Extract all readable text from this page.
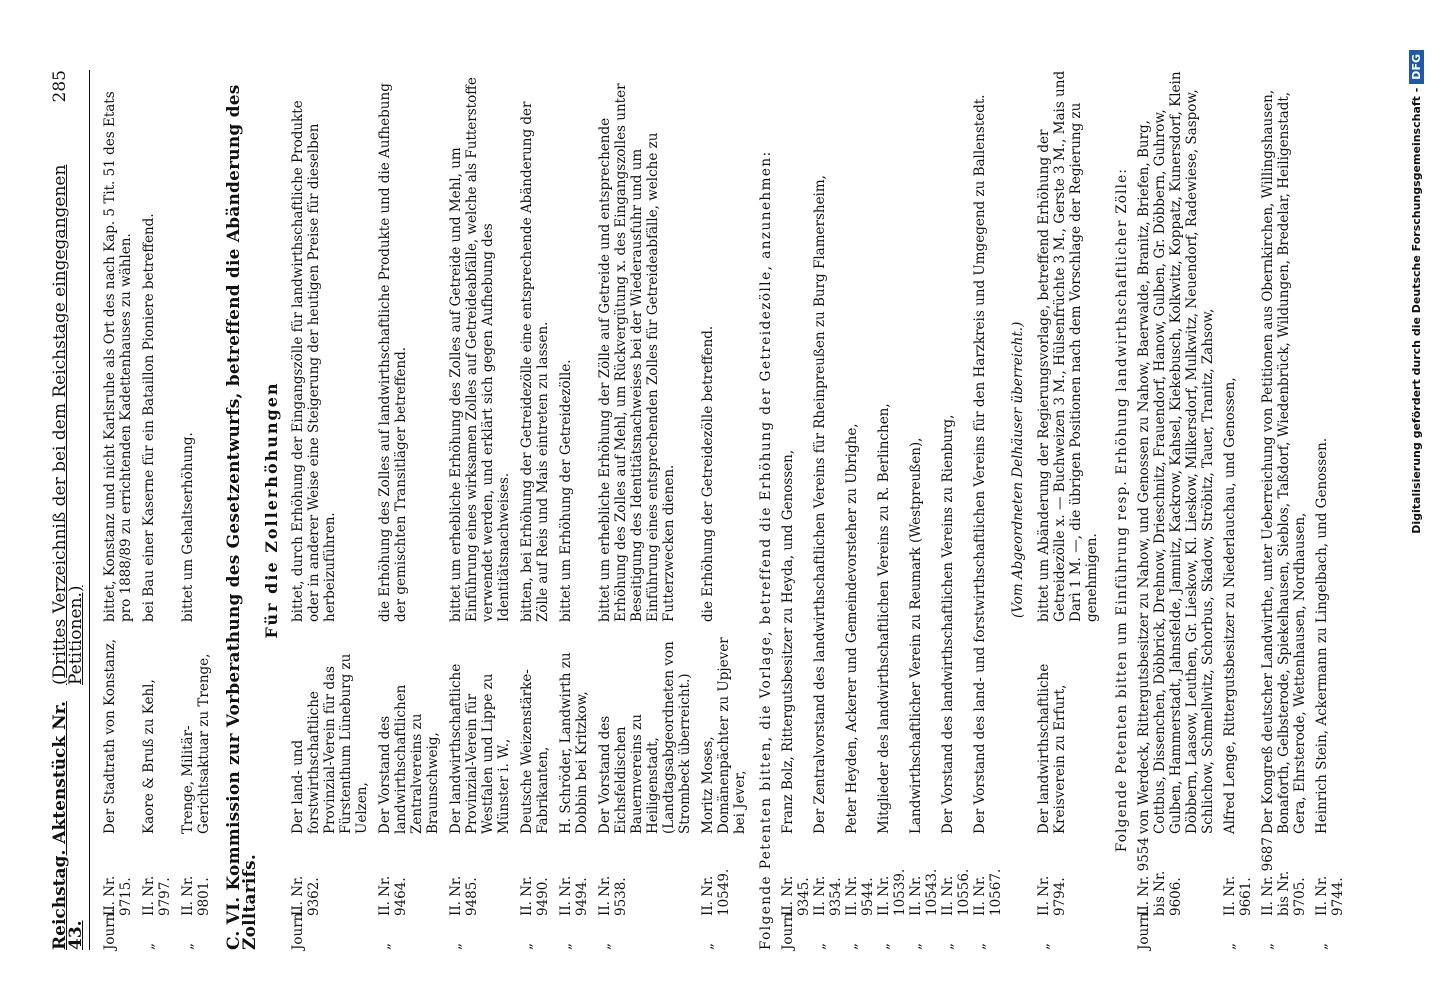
Reichstag. Aktenstück Nr. 43.
(Drittes Verzeichniß der bei dem Reichstage eingegangenen Petitionen.)
285
Journ.
II. Nr. 9715.
Der Stadtrath von Konstanz,
bittet, Konstanz und nicht Karlsruhe als Ort des nach Kap. 5 Tit. 51 des Etats pro 1888/89 zu errichtenden Kadettenhauses zu wählen.
„
II. Nr. 9797.
Kaore & Bruß zu Kehl,
bei Bau einer Kaserne für ein Bataillon Pioniere betreffend.
„
II. Nr. 9801.
Trenge, Militär-Gerichtsaktuar zu Trenge,
bittet um Gehaltserhöhung. C. VI. Kommission zur Vorberathung des Gesetzentwurfs, betreffend die Abänderung des Zolltarifs.
Für die Zollerhöhungen
Journ.
II. Nr. 9362.
Der land- und forstwirthschaftliche Provinzial-Verein für das Fürstenthum Lüneburg zu Uelzen,
bittet, durch Erhöhung der Eingangszölle für landwirthschaftliche Produkte oder in anderer Weise eine Steigerung der heutigen Preise für dieselben herbeizuführen.
„
II. Nr. 9464.
Der Vorstand des landwirthschaftlichen Zentralvereins zu Braunschweig,
die Erhöhung des Zolles auf landwirthschaftliche Produkte und die Aufhebung der gemischten Transitläger betreffend.
„
II. Nr. 9485.
Der landwirthschaftliche Provinzial-Verein für Westfalen und Lippe zu Münster i. W.,
bittet um erhebliche Erhöhung des Zolles auf Getreide und Mehl, um Einführung eines wirksamen Zolles auf Getreideabfälle, welche als Futterstoffe verwendet werden, und erklärt sich gegen Aufhebung des Identitätsnachweises.
„
II. Nr. 9490.
Deutsche Weizenstärke-Fabrikanten,
bitten, bei Erhöhung der Getreidezölle eine entsprechende Abänderung der Zölle auf Reis und Mais eintreten zu lassen.
„
II. Nr. 9494.
H. Schröder, Landwirth zu Dobbin bei Kritzkow,
bittet um Erhöhung der Getreidezölle.
„
II. Nr. 9538.
Der Vorstand des Eichsfeldischen Bauernvereins zu Heiligenstadt, (Landtagsabgeordneten von Strombeck überreicht.)
bittet um erhebliche Erhöhung der Zölle auf Getreide und entsprechende Erhöhung des Zolles auf Mehl, um Rückvergütung x. des Eingangszolles unter Beseitigung des Identitätsnachweises bei der Wiederausfuhr und um Einführung eines entsprechenden Zolles für Getreideabfälle, welche zu Futterzwecken dienen.
„
II. Nr. 10549.
Moritz Moses, Domänenpächter zu Upjever bei Jever,
die Erhöhung der Getreidezölle betreffend.	Folgende Petenten bitten, die Vorlage, betreffend die Erhöhung der Getreidezölle, anzunehmen: Journ.
II. Nr. 9345.
Franz Bolz, Rittergutsbesitzer zu Heyda, und Genossen,
„
II. Nr. 9354.
Der Zentralvorstand des landwirthschaftlichen Vereins für Rheinpreußen zu Burg Flamersheim,
„
II. Nr. 9544.
Peter Heyden, Ackerer und Gemeindevorsteher zu Ubrighe,
„
II. Nr. 10539.
Mitglieder des landwirthschaftlichen Vereins zu R. Berlinchen,
„
II. Nr. 10543.
Landwirthschaftlicher Verein zu Reumark (Westpreußen),
„
II. Nr. 10556.
Der Vorstand des landwirthschaftlichen Vereins zu Rienburg,
„
II. Nr. 10567.
Der Vorstand des land- und forstwirthschaftlichen Vereins für den Harzkreis und Umgegend zu Ballenstedt.	(Vom Abgeordneten Delhäuser überreicht.)
„
II. Nr. 9794.
Der landwirthschaftliche Kreisverein zu Erfurt,
bittet um Abänderung der Regierungsvorlage, betreffend Erhöhung der Getreidezölle x. — Buchweizen 3 M., Hülsenfrüchte 3 M., Gerste 3 M., Mais und Darì 1 M. —, die übrigen Positionen nach dem Vorschlage der Regierung zu genehmigen. Folgende Petenten bitten um Einführung resp. Erhöhung landwirthschaftlicher Zölle:
Journ.
II. Nr. 9554 bis Nr. 9606.
von Werdeck, Rittergutsbesitzer zu Nahow, und Genossen zu Nahow, Baerwalde, Branitz, Briefen, Burg, Cottbus, Dissenchen, Döbbrick, Drehnow, Drieschnitz, Frauendorf, Hanow, Gulben, Gr. Döbbern, Guhrow, Gulben, Hammerstadt, Jahnsfelde, Jamnitz, Kackrow, Kahsel, Kiekebusch, Kolkwitz, Koppatz, Kunersdorf, Klein Döbbern, Laasow, Leuthen, Gr. Lieskow, Kl. Lieskow, Milkersdorf, Mulkwitz, Neuendorf, Radewiese, Saspow, Schlichow, Schmellwitz, Schorbus, Skadow, Ströbitz, Tauer, Tranitz, Zahsow,
„
II. Nr. 9661.
Alfred Lenge, Rittergutsbesitzer zu Niederlauchau, und Genossen,
„
II. Nr. 9687 bis Nr. 9705.
Der Kongreß deutscher Landwirthe, unter Ueberreichung von Petitionen aus Obernkirchen, Willingshausen, Bonaforth, Gelbsterode, Spiekelhausen, Sieblos, Taßdorf, Wiedenbrück, Wildungen, Bredelar, Heiligenstadt, Gera, Ehrsterode, Wettenhausen, Nordhausen,
„
II. Nr. 9744.
Heinrich Stein, Ackermann zu Lingelbach, und Genossen.
Digitalisierung gefördert durch die Deutsche Forschungsgemeinschaft -DFG
